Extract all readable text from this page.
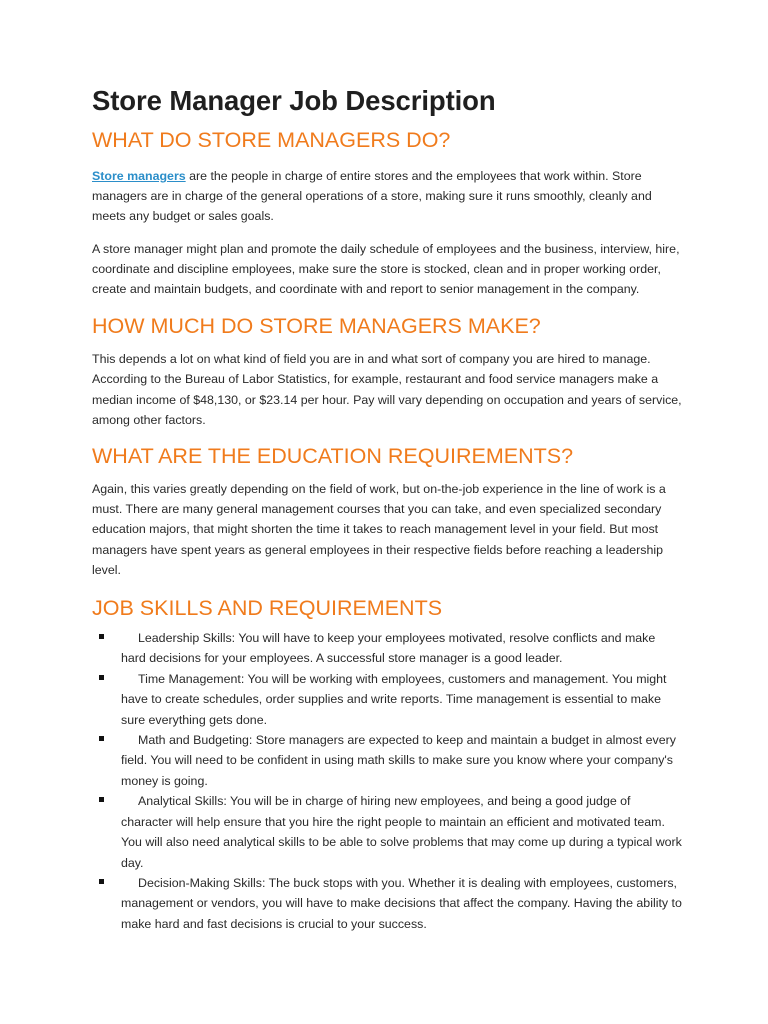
Store Manager Job Description
WHAT DO STORE MANAGERS DO?

Store managers are the people in charge of entire stores and the employees that work within. Store managers are in charge of the general operations of a store, making sure it runs smoothly, cleanly and meets any budget or sales goals.

A store manager might plan and promote the daily schedule of employees and the business, interview, hire, coordinate and discipline employees, make sure the store is stocked, clean and in proper working order, create and maintain budgets, and coordinate with and report to senior management in the company.

HOW MUCH DO STORE MANAGERS MAKE?

This depends a lot on what kind of field you are in and what sort of company you are hired to manage. According to the Bureau of Labor Statistics, for example, restaurant and food service managers make a median income of $48,130, or $23.14 per hour. Pay will vary depending on occupation and years of service, among other factors.

WHAT ARE THE EDUCATION REQUIREMENTS?

Again, this varies greatly depending on the field of work, but on-the-job experience in the line of work is a must. There are many general management courses that you can take, and even specialized secondary education majors, that might shorten the time it takes to reach management level in your field. But most managers have spent years as general employees in their respective fields before reaching a leadership level.

JOB SKILLS AND REQUIREMENTS
Leadership Skills: You will have to keep your employees motivated, resolve conflicts and make hard decisions for your employees. A successful store manager is a good leader.
Time Management: You will be working with employees, customers and management. You might have to create schedules, order supplies and write reports. Time management is essential to make sure everything gets done.
Math and Budgeting: Store managers are expected to keep and maintain a budget in almost every field. You will need to be confident in using math skills to make sure you know where your company's money is going.
Analytical Skills: You will be in charge of hiring new employees, and being a good judge of character will help ensure that you hire the right people to maintain an efficient and motivated team. You will also need analytical skills to be able to solve problems that may come up during a typical work day.
Decision-Making Skills: The buck stops with you. Whether it is dealing with employees, customers, management or vendors, you will have to make decisions that affect the company. Having the ability to make hard and fast decisions is crucial to your success.
